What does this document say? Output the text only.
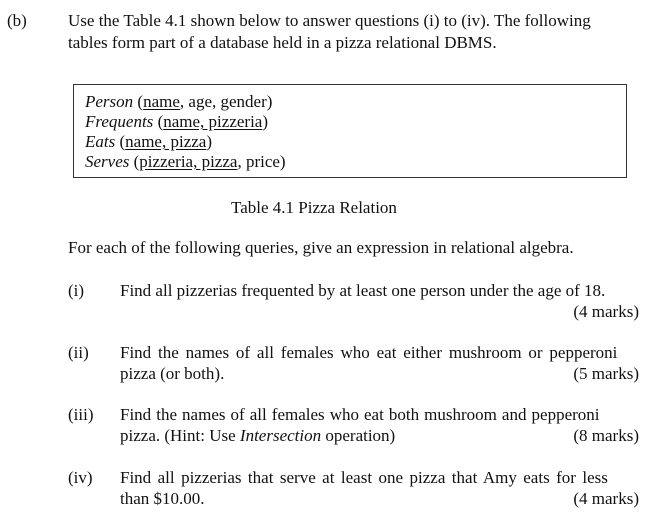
(b) Use the Table 4.1 shown below to answer questions (i) to (iv). The following
tables form part of a database held in a pizza relational DBMS.
Person (name, age, gender)
Frequents (name, pizzeria)
Eats (name, pizza)
Serves (pizzeria, pizza, price)
Table 4.1 Pizza Relation
For each of the following queries, give an expression in relational algebra.
(i) Find all pizzerias frequented by at least one person under the age of 18.
(4 marks)
(ii) Find the names of all females who eat either mushroom or pepperoni
pizza (or both).	(5 marks)
(iii) Find the names of all females who eat both mushroom and pepperoni
pizza. (Hint: Use Intersection operation)	(8 marks)
(iv) Find all pizzerias that serve at least one pizza that Amy eats for less
than $10.00.	(4 marks)
